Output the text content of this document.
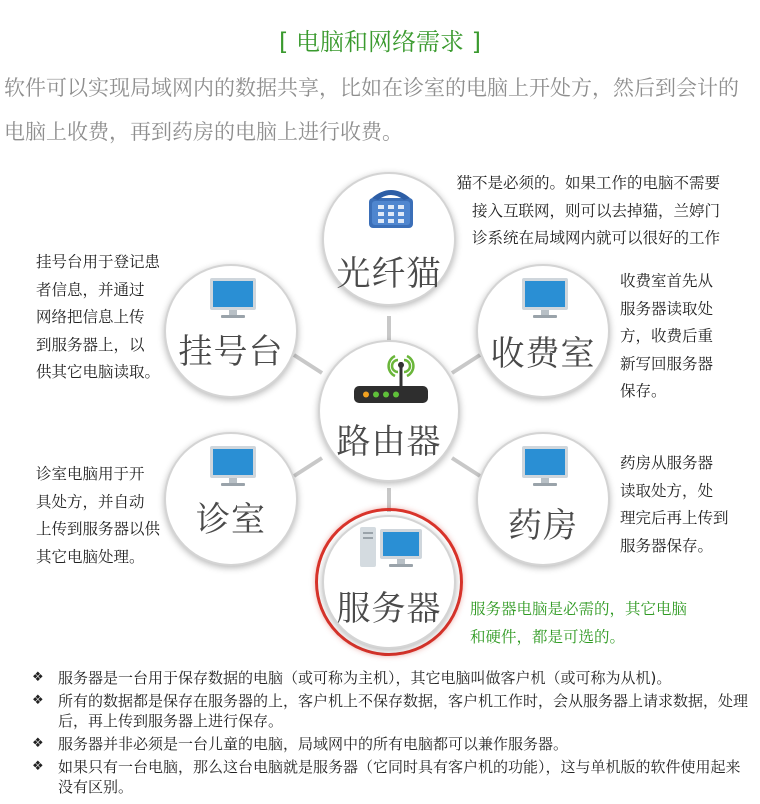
[ 电脑和网络需求 ]

软件可以实现局域网内的数据共享，比如在诊室的电脑上开处方，然后到会计的

电脑上收费，再到药房的电脑上进行收费。

光纤猫
挂号台	收费室
路由器
诊室	药房
服务器
猫不是必须的。如果工作的电脑不需要
接入互联网，则可以去掉猫，兰婷门
诊系统在局域网内就可以很好的工作
挂号台用于登记患
者信息，并通过
网络把信息上传
到服务器上，以
供其它电脑读取。
收费室首先从
服务器读取处
方，收费后重
新写回服务器
保存。
诊室电脑用于开
具处方，并自动
上传到服务器以供
其它电脑处理。
药房从服务器
读取处方，处
理完后再上传到
服务器保存。
服务器电脑是必需的，其它电脑
和硬件，都是可选的。
❖ 服务器是一台用于保存数据的电脑（或可称为主机），其它电脑叫做客户机（或可称为从机)。
❖ 所有的数据都是保存在服务器的上，客户机上不保存数据，客户机工作时，会从服务器上请求数据，处理后，再上传到服务器上进行保存。
❖ 服务器并非必须是一台儿童的电脑，局域网中的所有电脑都可以兼作服务器。
❖ 如果只有一台电脑，那么这台电脑就是服务器（它同时具有客户机的功能），这与单机版的软件使用起来没有区别。
